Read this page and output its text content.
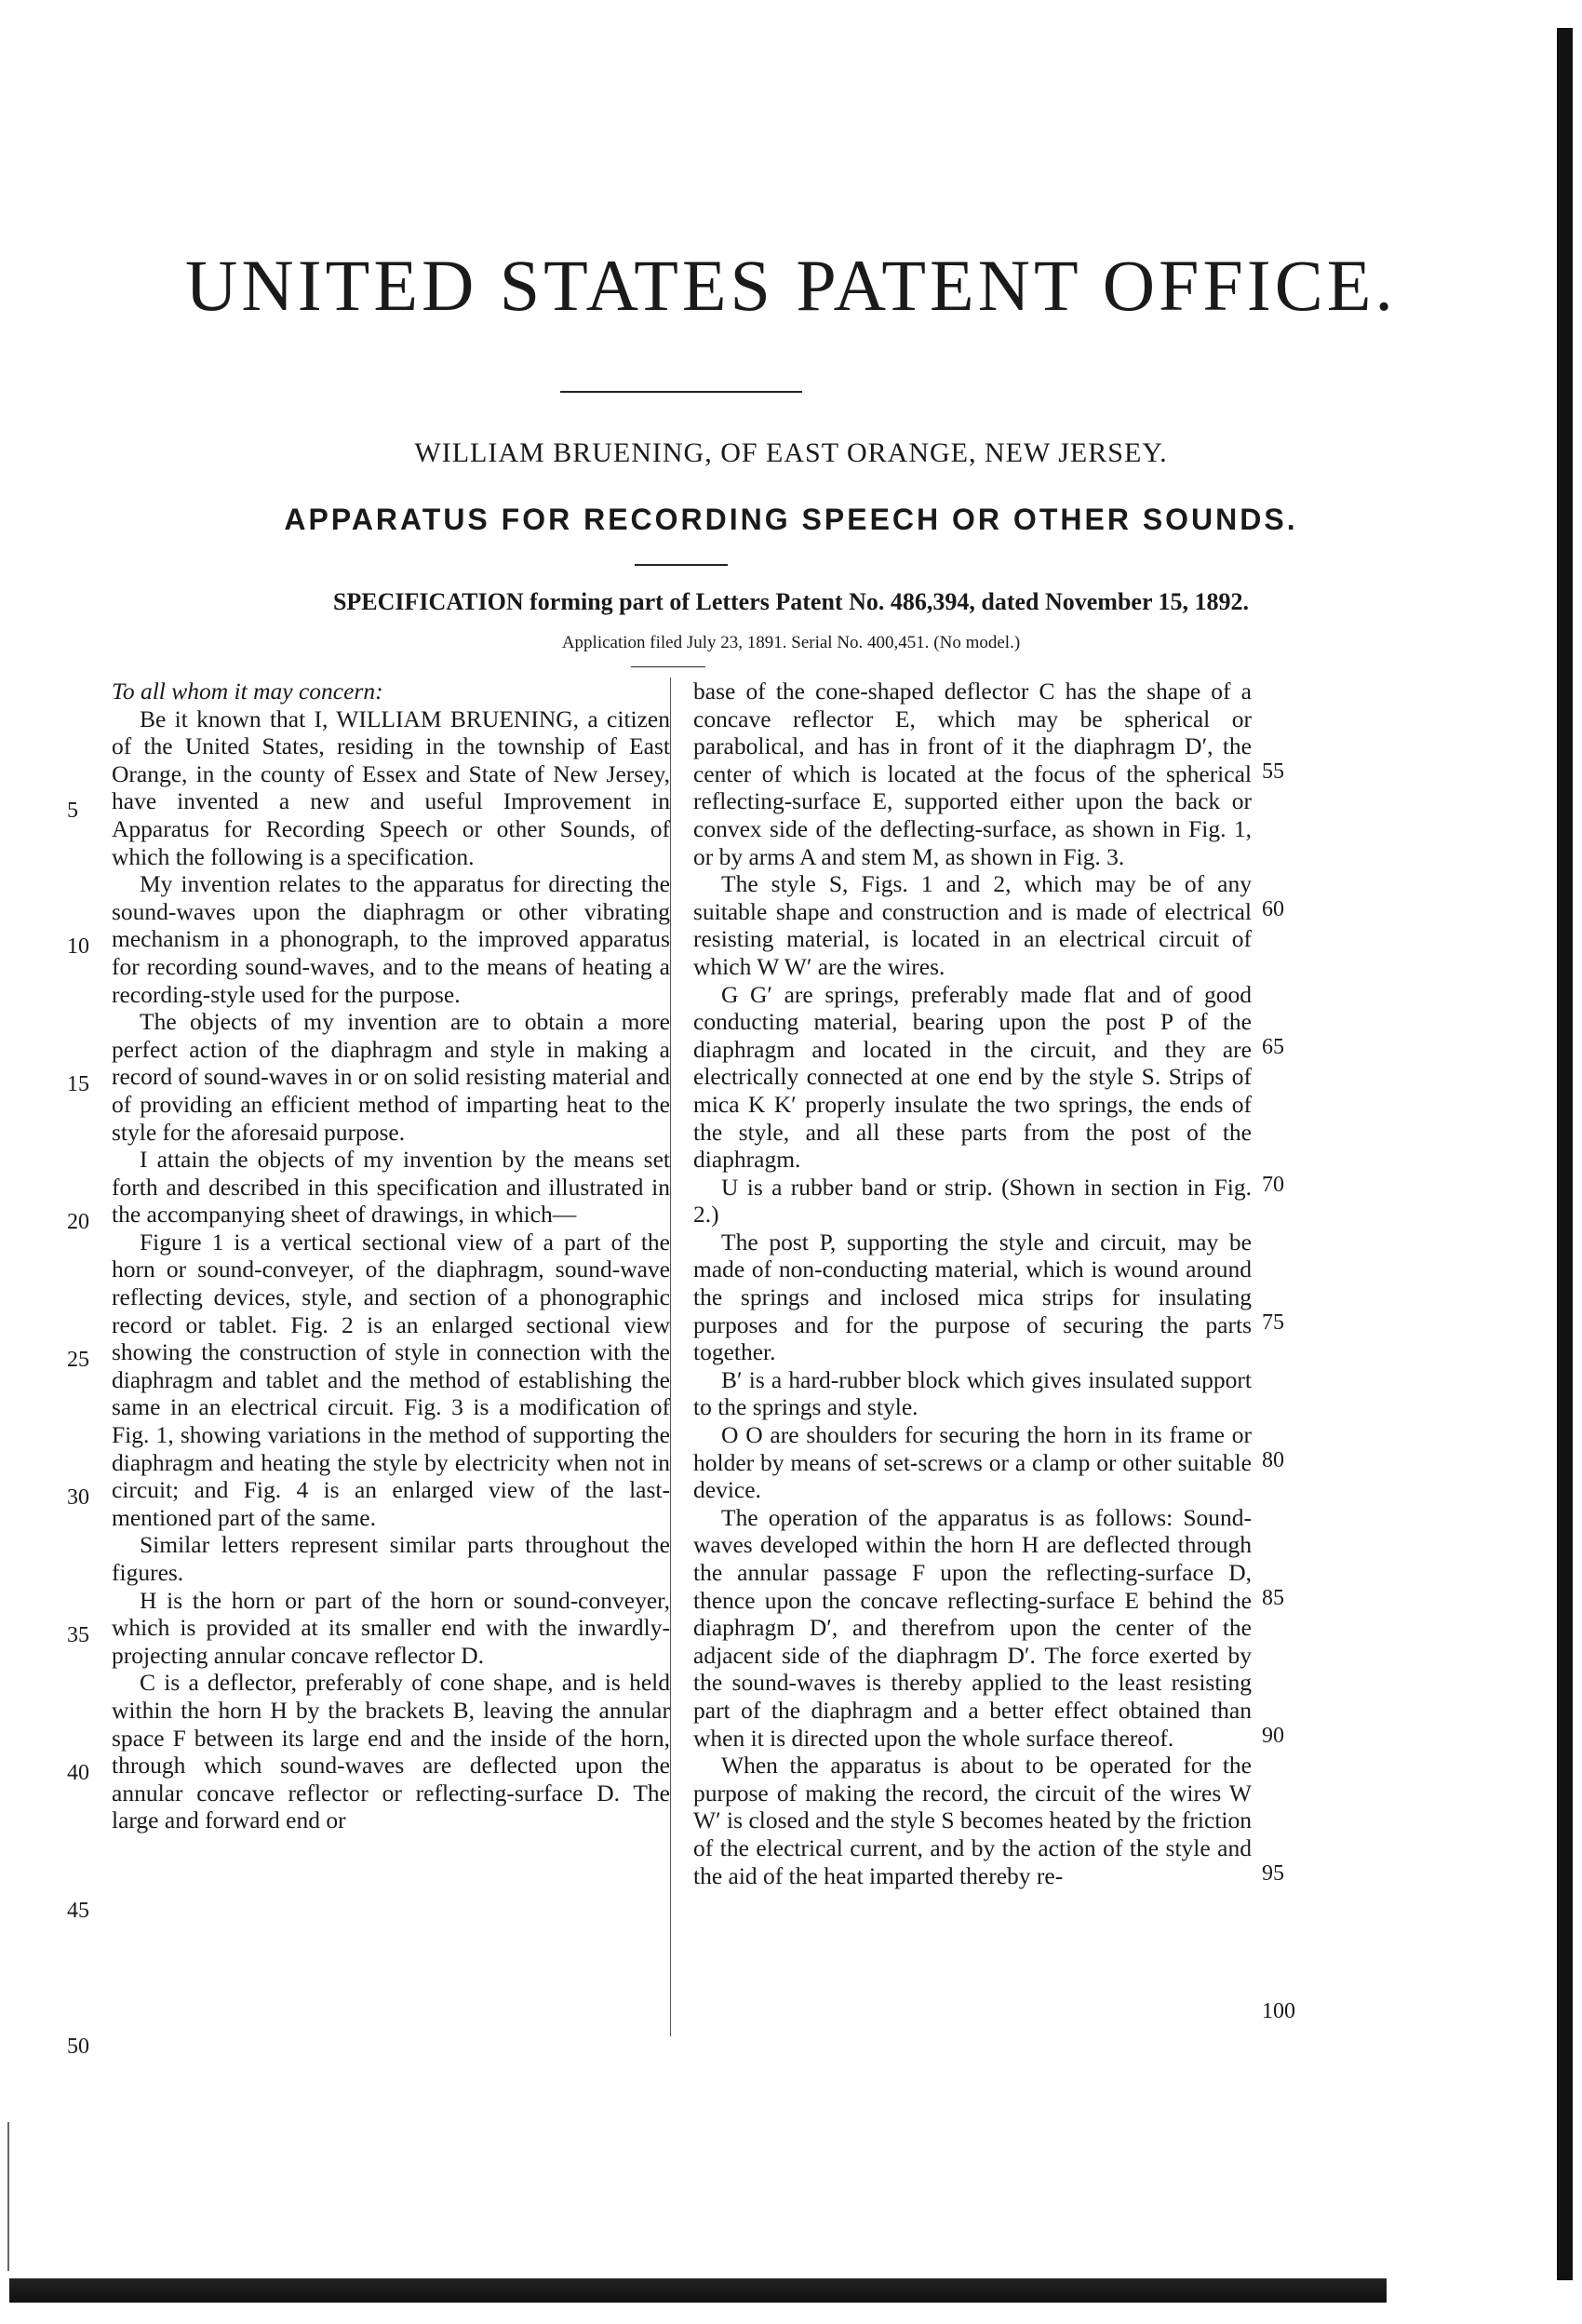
UNITED STATES PATENT OFFICE.
WILLIAM BRUENING, OF EAST ORANGE, NEW JERSEY.
APPARATUS FOR RECORDING SPEECH OR OTHER SOUNDS.
SPECIFICATION forming part of Letters Patent No. 486,394, dated November 15, 1892.
Application filed July 23, 1891. Serial No. 400,451. (No model.)

To all whom it may concern:

Be it known that I, WILLIAM BRUENING, a citizen of the United States, residing in the township of East Orange, in the county of Essex and State of New Jersey, have invented a new and useful Improvement in Apparatus for Recording Speech or other Sounds, of which the following is a specification.

My invention relates to the apparatus for directing the sound-waves upon the diaphragm or other vibrating mechanism in a phonograph, to the improved apparatus for recording sound-waves, and to the means of heating a recording-style used for the purpose.

The objects of my invention are to obtain a more perfect action of the diaphragm and style in making a record of sound-waves in or on solid resisting material and of providing an efficient method of imparting heat to the style for the aforesaid purpose.

I attain the objects of my invention by the means set forth and described in this specification and illustrated in the accompanying sheet of drawings, in which—

Figure 1 is a vertical sectional view of a part of the horn or sound-conveyer, of the diaphragm, sound-wave reflecting devices, style, and section of a phonographic record or tablet. Fig. 2 is an enlarged sectional view showing the construction of style in connection with the diaphragm and tablet and the method of establishing the same in an electrical circuit. Fig. 3 is a modification of Fig. 1, showing variations in the method of supporting the diaphragm and heating the style by electricity when not in circuit; and Fig. 4 is an enlarged view of the last-mentioned part of the same.

Similar letters represent similar parts throughout the figures.

H is the horn or part of the horn or sound-conveyer, which is provided at its smaller end with the inwardly-projecting annular concave reflector D.

C is a deflector, preferably of cone shape, and is held within the horn H by the brackets B, leaving the annular space F between its large end and the inside of the horn, through which sound-waves are deflected upon the annular concave reflector or reflecting-surface D. The large and forward end or

base of the cone-shaped deflector C has the shape of a concave reflector E, which may be spherical or parabolical, and has in front of it the diaphragm D′, the center of which is located at the focus of the spherical reflecting-surface E, supported either upon the back or convex side of the deflecting-surface, as shown in Fig. 1, or by arms A and stem M, as shown in Fig. 3.

The style S, Figs. 1 and 2, which may be of any suitable shape and construction and is made of electrical resisting material, is located in an electrical circuit of which W W′ are the wires.

G G′ are springs, preferably made flat and of good conducting material, bearing upon the post P of the diaphragm and located in the circuit, and they are electrically connected at one end by the style S. Strips of mica K K′ properly insulate the two springs, the ends of the style, and all these parts from the post of the diaphragm.

U is a rubber band or strip. (Shown in section in Fig. 2.)

The post P, supporting the style and circuit, may be made of non-conducting material, which is wound around the springs and inclosed mica strips for insulating purposes and for the purpose of securing the parts together.

B′ is a hard-rubber block which gives insulated support to the springs and style.

O O are shoulders for securing the horn in its frame or holder by means of set-screws or a clamp or other suitable device.

The operation of the apparatus is as follows: Sound-waves developed within the horn H are deflected through the annular passage F upon the reflecting-surface D, thence upon the concave reflecting-surface E behind the diaphragm D′, and therefrom upon the center of the adjacent side of the diaphragm D′. The force exerted by the sound-waves is thereby applied to the least resisting part of the diaphragm and a better effect obtained than when it is directed upon the whole surface thereof.

When the apparatus is about to be operated for the purpose of making the record, the circuit of the wires W W′ is closed and the style S becomes heated by the friction of the electrical current, and by the action of the style and the aid of the heat imparted thereby re-

5
10
15
20
25
30
35
40
45
50
55
60
65
70
75
80
85
90
95
100
